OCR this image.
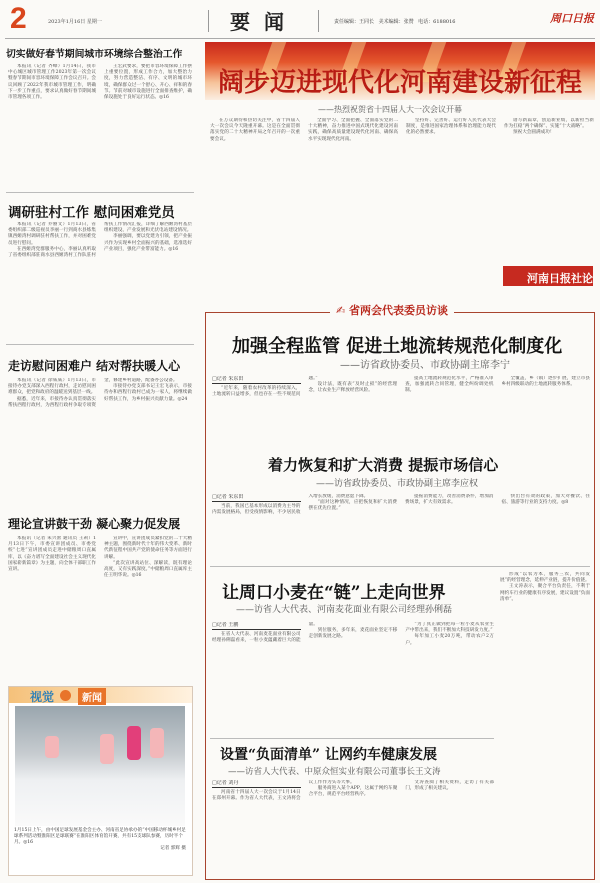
2	2023年1月16日 星期一	要闻	责任编辑：王同长 美术编辑：张赞 电话：6188016	周口日报
切实做好春节期间城市环境综合整治工作

本报讯（记者 齐峰）1月14日，我市中心城区城市管理工作2023年第一次会议暨春节期间市容环境保障工作会议召开。会议回顾了2022年我市城市管理工作，明确下一步工作重点，要求认真做好春节期间城市管理各项工作。

王宏武要求，要把市容环境保障工作摆上重要位置，形成工作合力，加大整治力度，努力营造整洁、有序、文明的城市环境，确保群众过一个舒心、开心、祥和的春节。节前对城市设施进行全面排查维护，确保设施处于良好运行状态。◎16

调研驻村工作 慰问困难党员

本报讯（记者 乔丽文）1月13日，省委组织部二级巡视员李丽一行到商水县练集镇西姬湾村调研驻村帮扶工作，并对困难党员进行慰问。

在西姬湾党群服务中心，李丽认真听取了省委组织部驻商水县西姬湾村工作队驻村帮扶工作情况汇报，详细了解西姬湾村基层组织建设、产业发展和光伏电站建设情况。

李丽强调，要以党建为引领，把产业振兴作为实现乡村全面振兴的基础，选准选好产业项目，强化产业带富能力。◎16

走访慰问困难户 结对帮扶暖人心

本报讯（记者 徐威威）1月13日，市接待办党支部深入西程行政村，走访慰问困难群众，把党和政府的温暖送到基层一线。

据悉，近年来，市接待办认真贯彻落实帮扶西程行政村，为西程行政村争取专项资金，修建乡村道路，配备办公设备。

市接待办党支部书记王宏飞表示，市接待办和西程行政村已成为一家人，将继续做好帮扶工作，为乡村振兴贡献力量。◎24

理论宣讲鼓干劲 凝心聚力促发展

本报讯（记者 朱兴蕾 通讯员 王莉）1月13日下午，市委宣讲团成员、市委党校“七进”宣讲团成员走进中储粮周口直属库，以《奋力谱写全面建设社会主义现代化国家崭新篇章》为主题，向全体干部职工作宣讲。

宣讲中，宣讲团成员紧扣党的二十大精神主题，围绕新时代十年的伟大变革、新时代新征程中国共产党的使命任务等方面进行讲解。

“此次宣讲高站位、深解读，既有理论高度，又有实践深度。”中储粮周口直属库主任王明华说。◎16

视觉	新闻
1月15日上午，由中国足球发展基金会主办、河南省足协承办的“中国移动杯城乡村足球系列活动暨淮阳区足球联赛”在淮阳区体育馆开赛，共有15支球队参赛，历时半个月。◎16
记者 郭辉 摄
阔步迈进现代化河南建设新征程
——热烈祝贺省十四届人大一次会议开幕

在万众期待和热切关注中，省十四届人大一次会议今天隆重开幕。这是在全面贯彻落实党的二十大精神开局之年召开的一次重要会议。

全面学习、全面把握、全面落实党的二十大精神，奋力推进中国式现代化建设河南实践，确保高质量建设现代化河南、确保高水平实现现代化河南。

坚持好、完善好、运行好人民代表大会制度，是推进国家治理体系和治理能力现代化的必然要求。

谱写新篇章，创造新业绩，以新担当新作为扛稳“两个确保”、实施“十大战略”。

预祝大会圆满成功！

河南日报社论
✍ 省两会代表委员访谈
加强全程监管 促进土地流转规范化制度化
——访省政协委员、市政协副主席李宁
□记者 朱东田

“近年来，随着农村改革的持续深入，土地流转日益增多，但也存在一些不规范问题。”

设计法，既有表“及时止损”的经营理念，让农业生产释放经营风险。

提高土地流转规范化水平，严格准入审查，加强流转合同管理，健全纠纷调处机制。

全覆盖，乡（镇）逐步扩展，建立市县乡村四级联动的土地流转服务体系。

着力恢复和扩大消费 提振市场信心
——访省政协委员、市政协副主席李应权
□记者 朱东田

当前，我国已基本形成以消费为主导的内需发展格局，但受疫情影响，不少居民收入增长放缓，消费意愿下降。

“面对这种情况，应把恢复和扩大消费摆在优先位置。”

提振消费能力，改善消费条件，增加消费场景，扩大有效需求。

快出台有效的政策，加大对餐饮、住宿、旅游等行业的支持力度。◎8

让周口小麦在“链”上走向世界
——访省人大代表、河南麦花面业有限公司经理孙俐磊
□记者 王鹏

在省人大代表、河南麦花面业有限公司经理孙俐磊看来，一粒小麦蕴藏着巨大的能量。

到位服务，多年来，麦花面业坚定不移走创新发展之路。

“为了真正做到把每一粒小麦从农业生产中带出来，我们不断加大科技研发力度。”

每年加工小麦20万吨，带动农户2万户。

形成“以农为本，服务三农，共同发展”的经营理念，延伸产业链，提升价值链。

王文涛表示，聚合平台负责任，不利于网约车行业的健康有序发展，建议设置“负面清单”。

设置“负面清单” 让网约车健康发展
——访省人大代表、中原众恒实业有限公司董事长王文涛
□记者 刘丹

河南省十四届人大一次会议于1月14日在郑州开幕。作为省人大代表，王文涛将会议工作作为头等大事。

服务商进入某个APP，这属于网约车聚合平台，规范平台经营秩序。

文涛查阅了相关资料，走访了有关部门，形成了相关建议。
